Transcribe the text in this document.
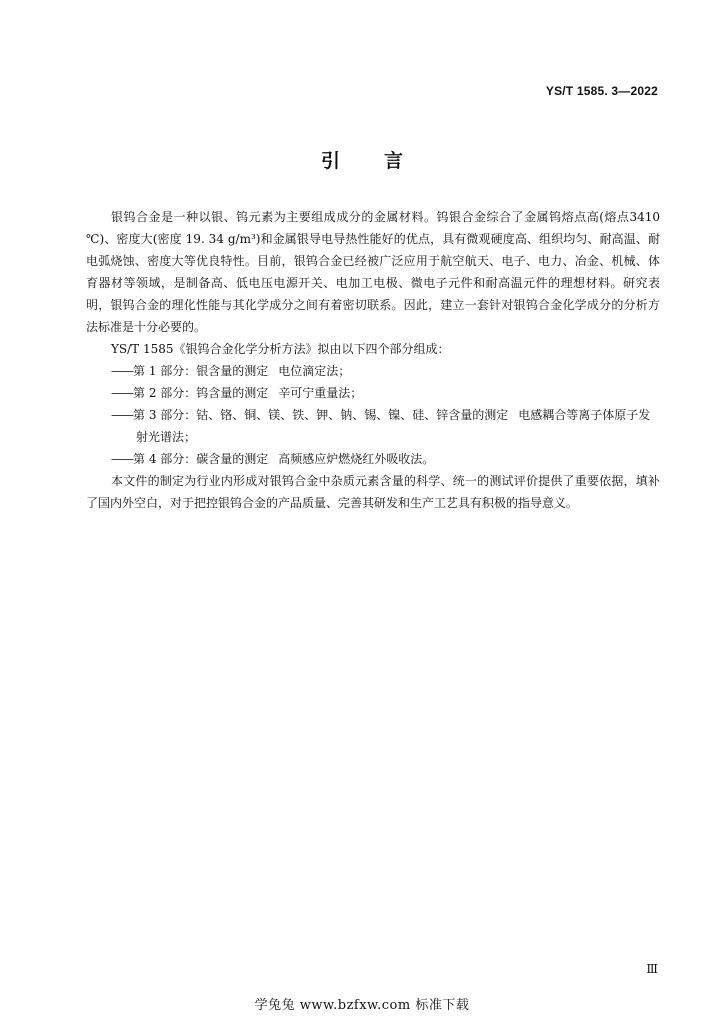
YS/T 1585. 3—2022
引 言

银钨合金是一种以银、钨元素为主要组成成分的金属材料。钨银合金综合了金属钨熔点高(熔点3410 ℃)、密度大(密度 19. 34 g/m³)和金属银导电导热性能好的优点，具有微观硬度高、组织均匀、耐高温、耐电弧烧蚀、密度大等优良特性。目前，银钨合金已经被广泛应用于航空航天、电子、电力、冶金、机械、体育器材等领域，是制备高、低电压电源开关、电加工电极、微电子元件和耐高温元件的理想材料。研究表明，银钨合金的理化性能与其化学成分之间有着密切联系。因此，建立一套针对银钨合金化学成分的分析方法标准是十分必要的。

YS/T 1585《银钨合金化学分析方法》拟由以下四个部分组成：

——第 1 部分：银含量的测定 电位滴定法；

——第 2 部分：钨含量的测定 辛可宁重量法；

——第 3 部分：钴、铬、铜、镁、铁、钾、钠、锡、镍、硅、锌含量的测定 电感耦合等离子体原子发射光谱法；

——第 4 部分：碳含量的测定 高频感应炉燃烧红外吸收法。

本文件的制定为行业内形成对银钨合金中杂质元素含量的科学、统一的测试评价提供了重要依据，填补了国内外空白，对于把控银钨合金的产品质量、完善其研发和生产工艺具有积极的指导意义。

Ⅲ
学兔兔 www.bzfxw.com 标准下载
